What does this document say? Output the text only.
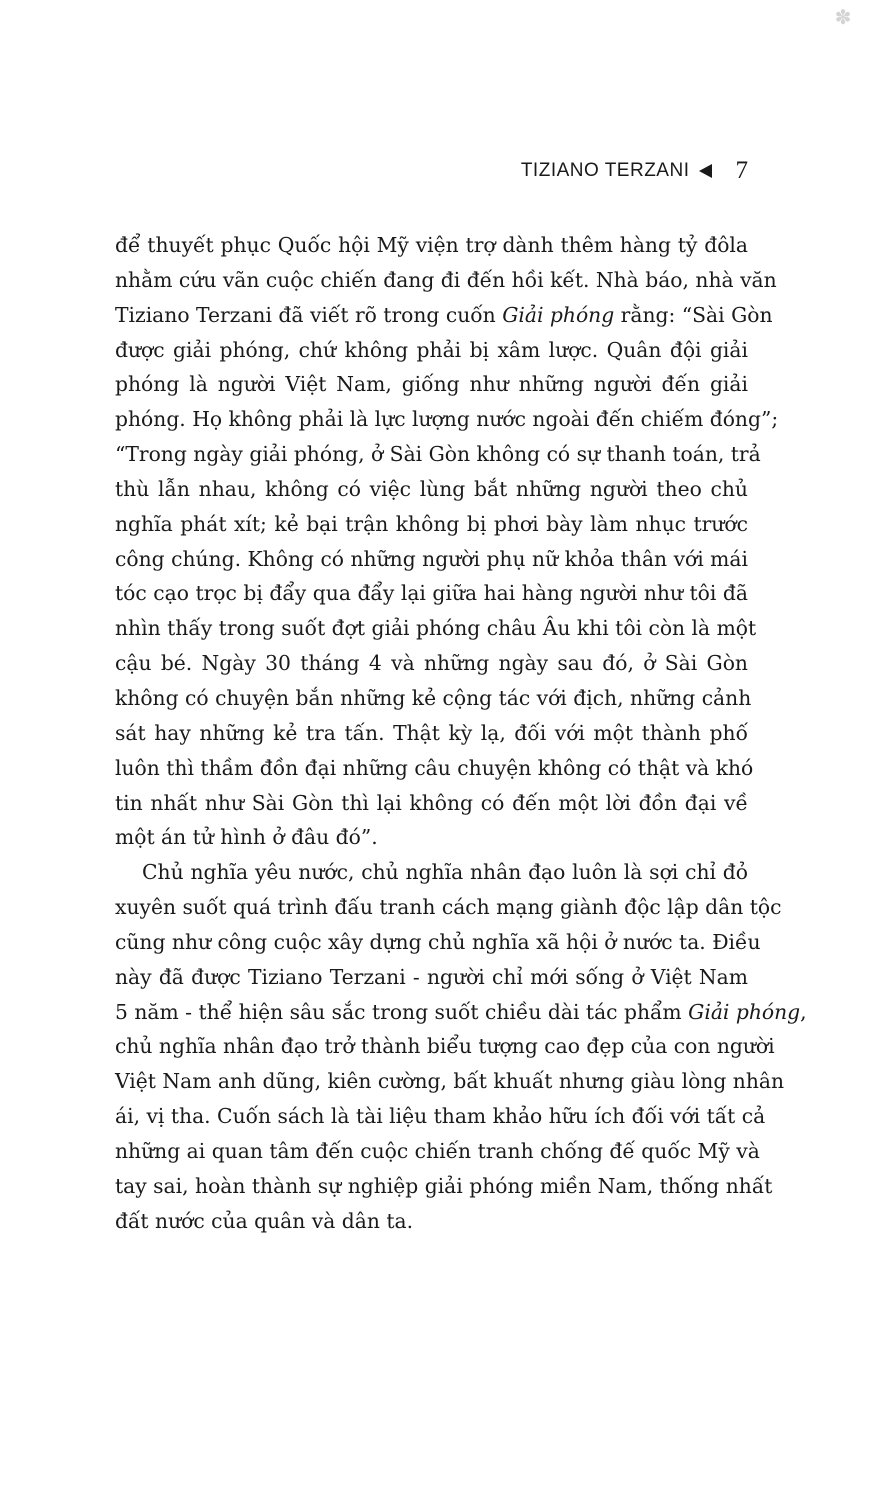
✽
TIZIANO TERZANI 7

để thuyết phục Quốc hội Mỹ viện trợ dành thêm hàng tỷ đôla
nhằm cứu vãn cuộc chiến đang đi đến hồi kết. Nhà báo, nhà văn
Tiziano Terzani đã viết rõ trong cuốn Giải phóng rằng: “Sài Gòn
được giải phóng, chứ không phải bị xâm lược. Quân đội giải
phóng là người Việt Nam, giống như những người đến giải
phóng. Họ không phải là lực lượng nước ngoài đến chiếm đóng”;
“Trong ngày giải phóng, ở Sài Gòn không có sự thanh toán, trả
thù lẫn nhau, không có việc lùng bắt những người theo chủ
nghĩa phát xít; kẻ bại trận không bị phơi bày làm nhục trước
công chúng. Không có những người phụ nữ khỏa thân với mái
tóc cạo trọc bị đẩy qua đẩy lại giữa hai hàng người như tôi đã
nhìn thấy trong suốt đợt giải phóng châu Âu khi tôi còn là một
cậu bé. Ngày 30 tháng 4 và những ngày sau đó, ở Sài Gòn
không có chuyện bắn những kẻ cộng tác với địch, những cảnh
sát hay những kẻ tra tấn. Thật kỳ lạ, đối với một thành phố
luôn thì thầm đồn đại những câu chuyện không có thật và khó
tin nhất như Sài Gòn thì lại không có đến một lời đồn đại về
một án tử hình ở đâu đó”.

Chủ nghĩa yêu nước, chủ nghĩa nhân đạo luôn là sợi chỉ đỏ
xuyên suốt quá trình đấu tranh cách mạng giành độc lập dân tộc
cũng như công cuộc xây dựng chủ nghĩa xã hội ở nước ta. Điều
này đã được Tiziano Terzani - người chỉ mới sống ở Việt Nam
5 năm - thể hiện sâu sắc trong suốt chiều dài tác phẩm Giải phóng,
chủ nghĩa nhân đạo trở thành biểu tượng cao đẹp của con người
Việt Nam anh dũng, kiên cường, bất khuất nhưng giàu lòng nhân
ái, vị tha. Cuốn sách là tài liệu tham khảo hữu ích đối với tất cả
những ai quan tâm đến cuộc chiến tranh chống đế quốc Mỹ và
tay sai, hoàn thành sự nghiệp giải phóng miền Nam, thống nhất
đất nước của quân và dân ta.
